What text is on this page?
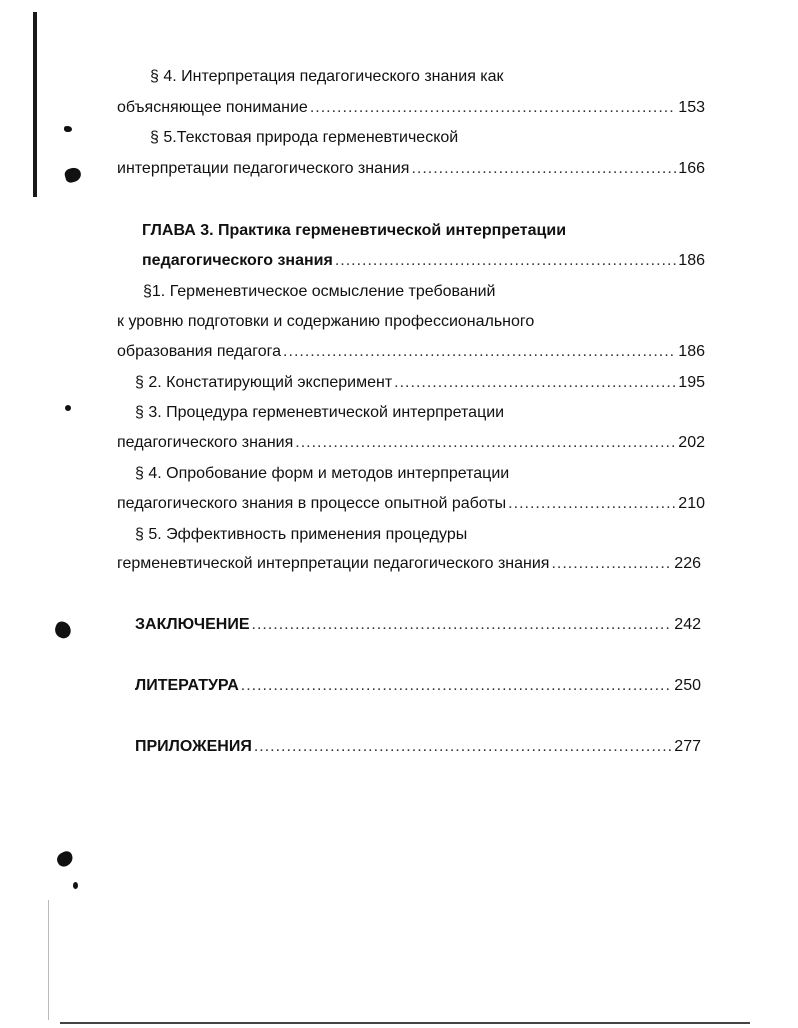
§ 4. Интерпретация педагогического знания как
объясняющее понимание .....	153
§ 5.Текстовая природа герменевтической
интерпретации педагогического знания .....	166
ГЛАВА 3. Практика герменевтической интерпретации
педагогического знания .....	186
§1. Герменевтическое осмысление требований
к уровню подготовки и содержанию профессионального
образования педагога .....	186
§ 2. Констатирующий эксперимент .....	195
§ 3. Процедура герменевтической интерпретации
педагогического знания .....	202
§ 4. Опробование форм и методов интерпретации
педагогического знания в процессе опытной работы .....	210
§ 5. Эффективность применения процедуры
герменевтической интерпретации педагогического знания .....	226
ЗАКЛЮЧЕНИЕ .....	242
ЛИТЕРАТУРА .....	250
ПРИЛОЖЕНИЯ .....	277
